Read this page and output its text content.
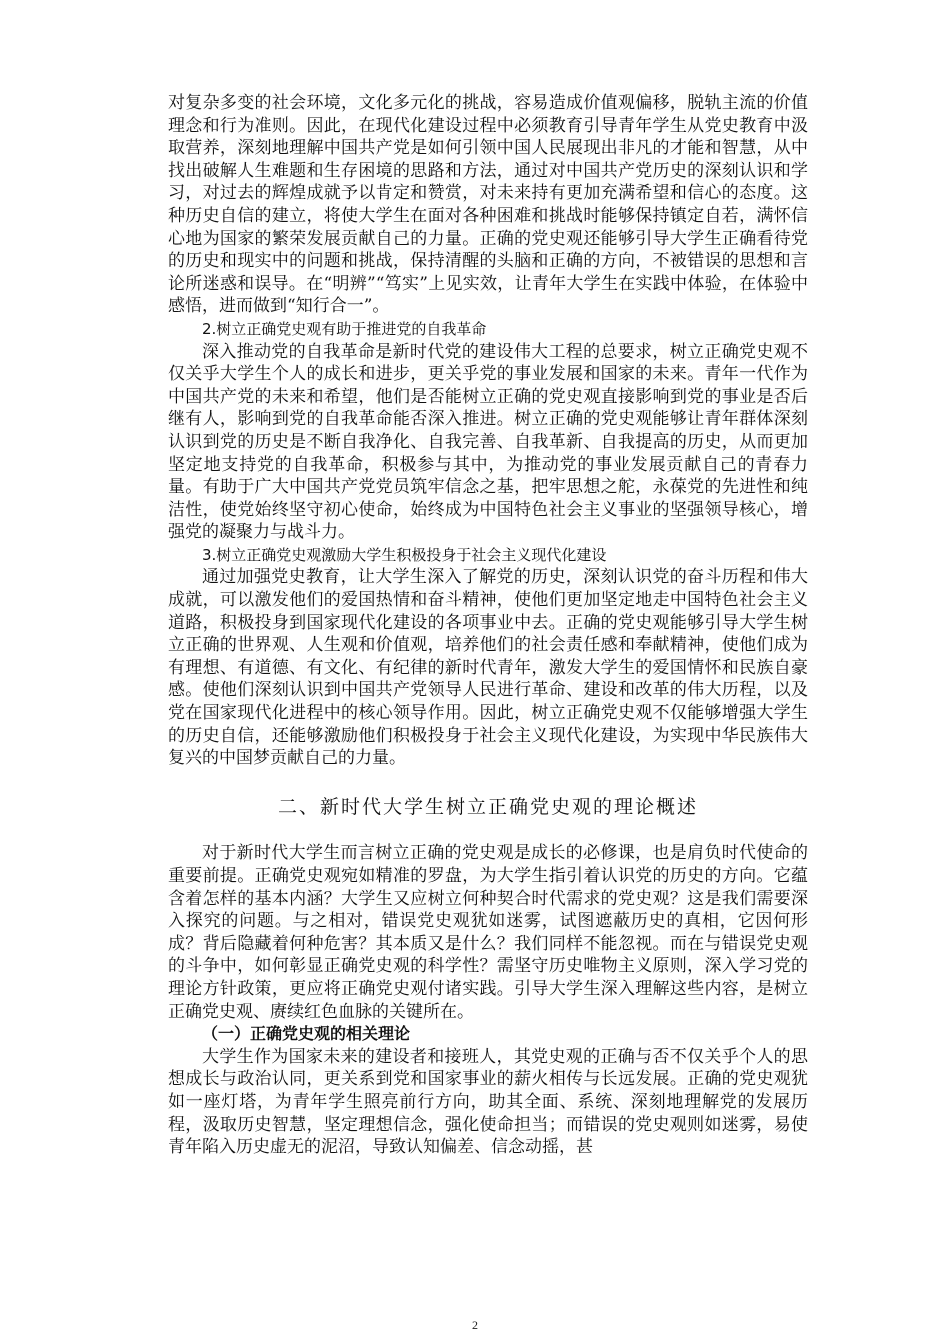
对复杂多变的社会环境，文化多元化的挑战，容易造成价值观偏移，脱轨主流的价值理念和行为准则。因此，在现代化建设过程中必须教育引导青年学生从党史教育中汲取营养，深刻地理解中国共产党是如何引领中国人民展现出非凡的才能和智慧，从中找出破解人生难题和生存困境的思路和方法，通过对中国共产党历史的深刻认识和学习，对过去的辉煌成就予以肯定和赞赏，对未来持有更加充满希望和信心的态度。这种历史自信的建立，将使大学生在面对各种困难和挑战时能够保持镇定自若，满怀信心地为国家的繁荣发展贡献自己的力量。正确的党史观还能够引导大学生正确看待党的历史和现实中的问题和挑战，保持清醒的头脑和正确的方向，不被错误的思想和言论所迷惑和误导。在“明辨”“笃实”上见实效，让青年大学生在实践中体验，在体验中感悟，进而做到“知行合一”。

2.树立正确党史观有助于推进党的自我革命

深入推动党的自我革命是新时代党的建设伟大工程的总要求，树立正确党史观不仅关乎大学生个人的成长和进步，更关乎党的事业发展和国家的未来。青年一代作为中国共产党的未来和希望，他们是否能树立正确的党史观直接影响到党的事业是否后继有人，影响到党的自我革命能否深入推进。树立正确的党史观能够让青年群体深刻认识到党的历史是不断自我净化、自我完善、自我革新、自我提高的历史，从而更加坚定地支持党的自我革命，积极参与其中，为推动党的事业发展贡献自己的青春力量。有助于广大中国共产党党员筑牢信念之基，把牢思想之舵，永葆党的先进性和纯洁性，使党始终坚守初心使命，始终成为中国特色社会主义事业的坚强领导核心，增强党的凝聚力与战斗力。

3.树立正确党史观激励大学生积极投身于社会主义现代化建设

通过加强党史教育，让大学生深入了解党的历史，深刻认识党的奋斗历程和伟大成就，可以激发他们的爱国热情和奋斗精神，使他们更加坚定地走中国特色社会主义道路，积极投身到国家现代化建设的各项事业中去。正确的党史观能够引导大学生树立正确的世界观、人生观和价值观，培养他们的社会责任感和奉献精神，使他们成为有理想、有道德、有文化、有纪律的新时代青年，激发大学生的爱国情怀和民族自豪感。使他们深刻认识到中国共产党领导人民进行革命、建设和改革的伟大历程，以及党在国家现代化进程中的核心领导作用。因此，树立正确党史观不仅能够增强大学生的历史自信，还能够激励他们积极投身于社会主义现代化建设，为实现中华民族伟大复兴的中国梦贡献自己的力量。

二、新时代大学生树立正确党史观的理论概述

对于新时代大学生而言树立正确的党史观是成长的必修课，也是肩负时代使命的重要前提。正确党史观宛如精准的罗盘，为大学生指引着认识党的历史的方向。它蕴含着怎样的基本内涵？大学生又应树立何种契合时代需求的党史观？这是我们需要深入探究的问题。与之相对，错误党史观犹如迷雾，试图遮蔽历史的真相，它因何形成？背后隐藏着何种危害？其本质又是什么？我们同样不能忽视。而在与错误党史观的斗争中，如何彰显正确党史观的科学性？需坚守历史唯物主义原则，深入学习党的理论方针政策，更应将正确党史观付诸实践。引导大学生深入理解这些内容，是树立正确党史观、赓续红色血脉的关键所在。

（一）正确党史观的相关理论

大学生作为国家未来的建设者和接班人，其党史观的正确与否不仅关乎个人的思想成长与政治认同，更关系到党和国家事业的薪火相传与长远发展。正确的党史观犹如一座灯塔，为青年学生照亮前行方向，助其全面、系统、深刻地理解党的发展历程，汲取历史智慧，坚定理想信念，强化使命担当；而错误的党史观则如迷雾，易使青年陷入历史虚无的泥沼，导致认知偏差、信念动摇，甚

2
